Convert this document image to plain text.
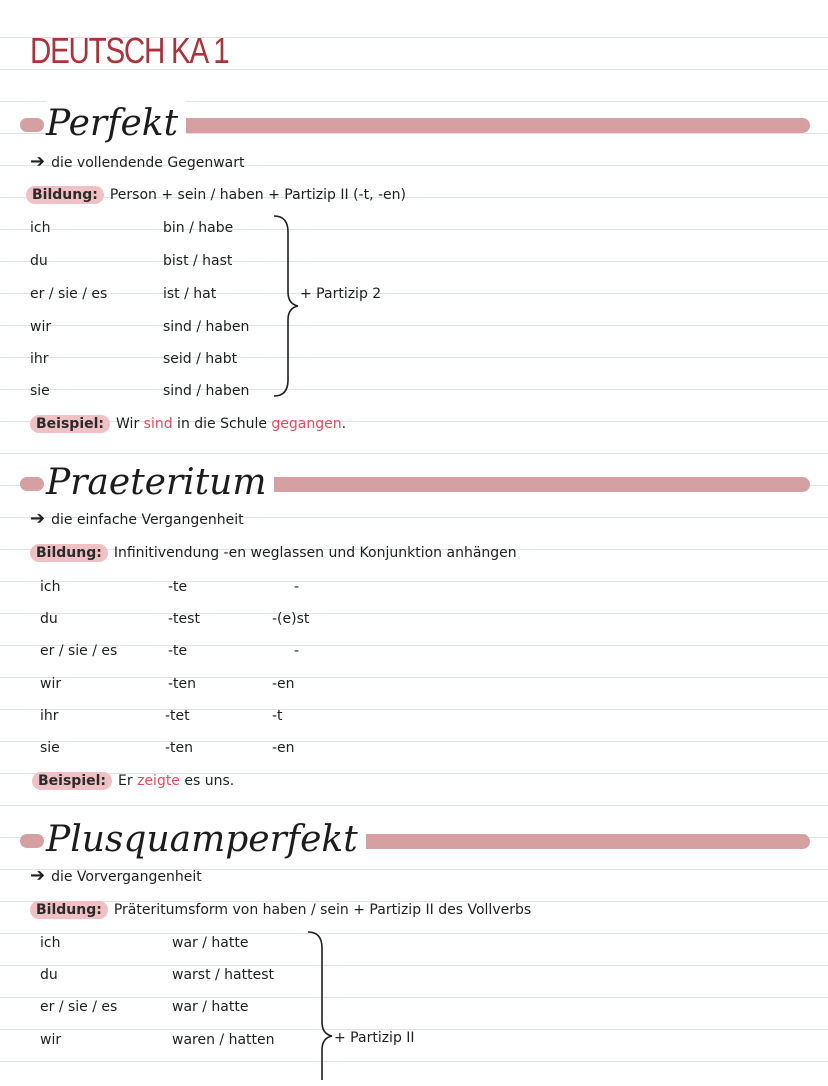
DEUTSCH KA 1
Perfekt
➔ die vollendende Gegenwart
Bildung: Person + sein / haben + Partizip II (-t, -en)
ich	bin / habe
du	bist / hast
er / sie / es	ist / hat
wir	sind / haben
ihr	seid / habt
sie	sind / haben
+ Partizip 2
Beispiel: Wir sind in die Schule gegangen.
Praeteritum
➔ die einfache Vergangenheit
Bildung: Infinitivendung -en weglassen und Konjunktion anhängen
ich	-te	-
du	-test	-(e)st
er / sie / es	-te	-
wir	-ten	-en
ihr	-tet	-t
sie	-ten	-en
Beispiel: Er zeigte es uns.
Plusquamperfekt
➔ die Vorvergangenheit
Bildung: Präteritumsform von haben / sein + Partizip II des Vollverbs
ich	war / hatte
du	warst / hattest
er / sie / es	war / hatte
wir	waren / hatten	+ Partizip II
